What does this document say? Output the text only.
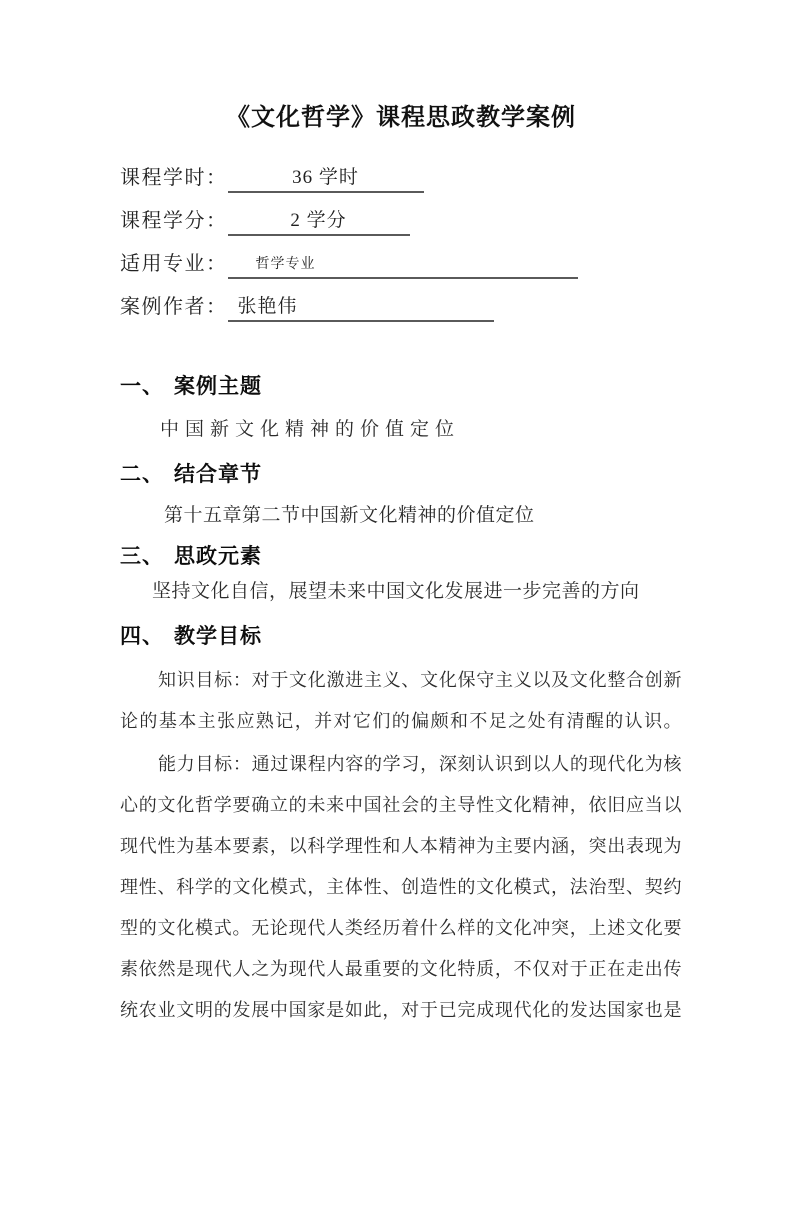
《文化哲学》课程思政教学案例
课程学时：	36 学时
课程学分：	2 学分
适用专业：	哲学专业
案例作者： 张艳伟
一、 案例主题
中国新文化精神的价值定位
二、 结合章节
第十五章第二节中国新文化精神的价值定位
三、 思政元素
坚持文化自信，展望未来中国文化发展进一步完善的方向
四、 教学目标
知识目标：对于文化激进主义、文化保守主义以及文化整合创新
论的基本主张应熟记，并对它们的偏颇和不足之处有清醒的认识。
能力目标：通过课程内容的学习，深刻认识到以人的现代化为核
心的文化哲学要确立的未来中国社会的主导性文化精神，依旧应当以
现代性为基本要素，以科学理性和人本精神为主要内涵，突出表现为
理性、科学的文化模式，主体性、创造性的文化模式，法治型、契约
型的文化模式。无论现代人类经历着什么样的文化冲突，上述文化要
素依然是现代人之为现代人最重要的文化特质，不仅对于正在走出传
统农业文明的发展中国家是如此，对于已完成现代化的发达国家也是
